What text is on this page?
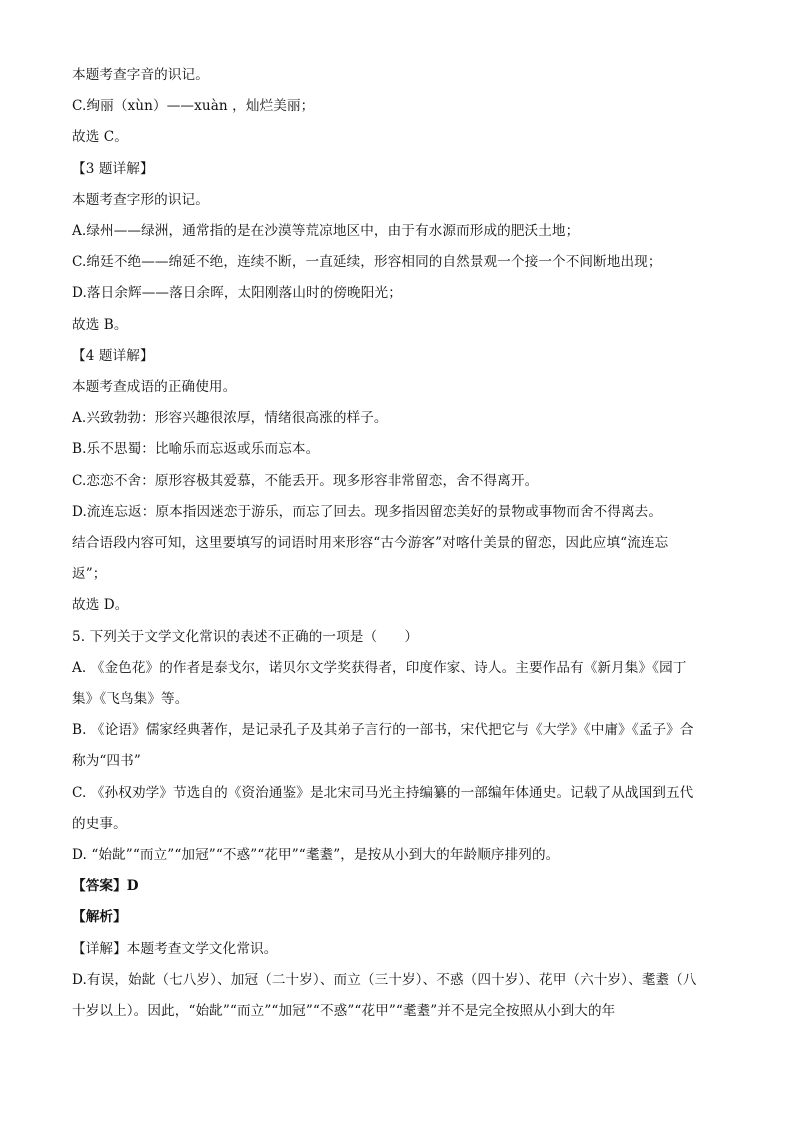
本题考查字音的识记。
C.绚丽（xùn）——xuàn ，灿烂美丽；
故选 C。
【3 题详解】
本题考查字形的识记。
A.绿州——绿洲，通常指的是在沙漠等荒凉地区中，由于有水源而形成的肥沃土地；
C.绵廷不绝——绵延不绝，连续不断，一直延续，形容相同的自然景观一个接一个不间断地出现；
D.落日余辉——落日余晖，太阳刚落山时的傍晚阳光；
故选 B。
【4 题详解】
本题考查成语的正确使用。
A.兴致勃勃：形容兴趣很浓厚，情绪很高涨的样子。
B.乐不思蜀：比喻乐而忘返或乐而忘本。
C.恋恋不舍：原形容极其爱慕，不能丢开。现多形容非常留恋，舍不得离开。
D.流连忘返：原本指因迷恋于游乐，而忘了回去。现多指因留恋美好的景物或事物而舍不得离去。
结合语段内容可知，这里要填写的词语时用来形容“古今游客”对喀什美景的留恋，因此应填“流连忘
返”；
故选 D。
5. 下列关于文学文化常识的表述不正确的一项是（　　）
A. 《金色花》的作者是泰戈尔，诺贝尔文学奖获得者，印度作家、诗人。主要作品有《新月集》《园丁
集》《飞鸟集》等。
B. 《论语》儒家经典著作，是记录孔子及其弟子言行的一部书，宋代把它与《大学》《中庸》《孟子》合
称为“四书”
C. 《孙权劝学》节选自的《资治通鉴》是北宋司马光主持编纂的一部编年体通史。记载了从战国到五代
的史事。
D. “始龀”“而立”“加冠”“不惑”“花甲”“耄耋”，是按从小到大的年龄顺序排列的。
【答案】D
【解析】
【详解】本题考查文学文化常识。
D.有误，始龀（七八岁）、加冠（二十岁）、而立（三十岁）、不惑（四十岁）、花甲（六十岁）、耄耋（八
十岁以上）。因此，“始龀”“而立”“加冠”“不惑”“花甲”“耄耋”并不是完全按照从小到大的年
